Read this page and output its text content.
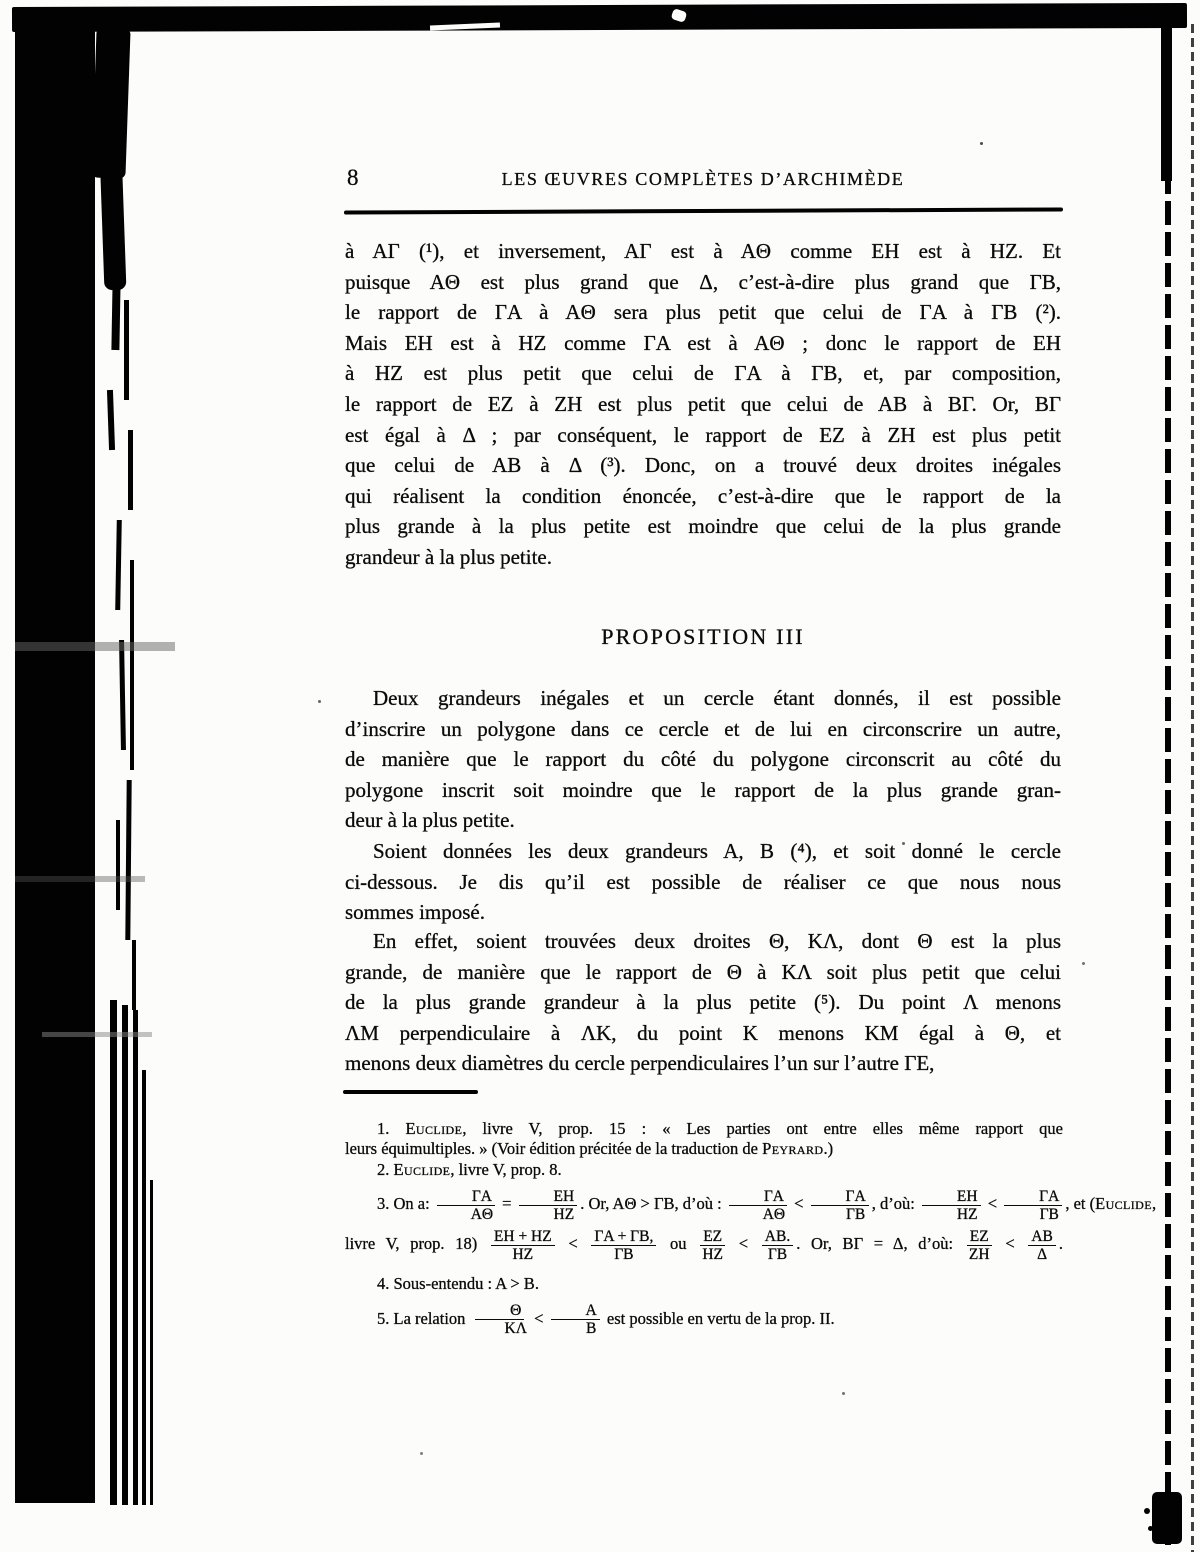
8	LES ŒUVRES COMPLÈTES D’ARCHIMÈDE
à AΓ (¹), et inversement, AΓ est à AΘ comme EH est à HZ. Et
puisque AΘ est plus grand que Δ, c’est-à-dire plus grand que ΓB,
le rapport de ΓA à AΘ sera plus petit que celui de ΓA à ΓB (²).
Mais EH est à HZ comme ΓA est à AΘ ; donc le rapport de EH
à HZ est plus petit que celui de ΓA à ΓB, et, par composition,
le rapport de EZ à ZH est plus petit que celui de AB à BΓ. Or, BΓ
est égal à Δ ; par conséquent, le rapport de EZ à ZH est plus petit
que celui de AB à Δ (³). Donc, on a trouvé deux droites inégales
qui réalisent la condition énoncée, c’est-à-dire que le rapport de la
plus grande à la plus petite est moindre que celui de la plus grande
grandeur à la plus petite.
PROPOSITION III
Deux grandeurs inégales et un cercle étant donnés, il est possible
d’inscrire un polygone dans ce cercle et de lui en circonscrire un autre,
de manière que le rapport du côté du polygone circonscrit au côté du
polygone inscrit soit moindre que le rapport de la plus grande gran-
deur à la plus petite.
Soient données les deux grandeurs A, B (⁴), et soit donné le cercle
ci-dessous. Je dis qu’il est possible de réaliser ce que nous nous
sommes imposé.
En effet, soient trouvées deux droites Θ, KΛ, dont Θ est la plus
grande, de manière que le rapport de Θ à KΛ soit plus petit que celui
de la plus grande grandeur à la plus petite (⁵). Du point Λ menons
ΛM perpendiculaire à ΛK, du point K menons KM égal à Θ, et
menons deux diamètres du cercle perpendiculaires l’un sur l’autre ΓE,
1. Euclide, livre V, prop. 15 : « Les parties ont entre elles même rapport que
leurs équimultiples. » (Voir édition précitée de la traduction de Peyrard.)
2. Euclide, livre V, prop. 8.
3. On a: $\frac{\Gamma A}{A\Theta} = \frac{EH}{HZ}$ . Or, AΘ > ΓB, d’où : $\frac{\Gamma A}{A\Theta} < \frac{\Gamma A}{\Gamma B}$ , d’où: $\frac{EH}{HZ} < \frac{\Gamma A}{\Gamma B}$ , et (Euclide,
livre V, prop. $18) \frac{EH + HZ}{HZ} < \frac{\Gamma A + \Gamma B,}{\Gamma B}$ ou $\frac{EZ}{HZ} < \frac{AB.}{\Gamma B}$ . Or, BΓ = Δ, d’où: $\frac{EZ}{ZH} < \frac{AB}{\Delta}$ .
4. Sous-entendu : A > B.
5. La relation $\frac{\Theta}{K\Lambda} < \frac{A}{B}$ est possible en vertu de la prop. II.
